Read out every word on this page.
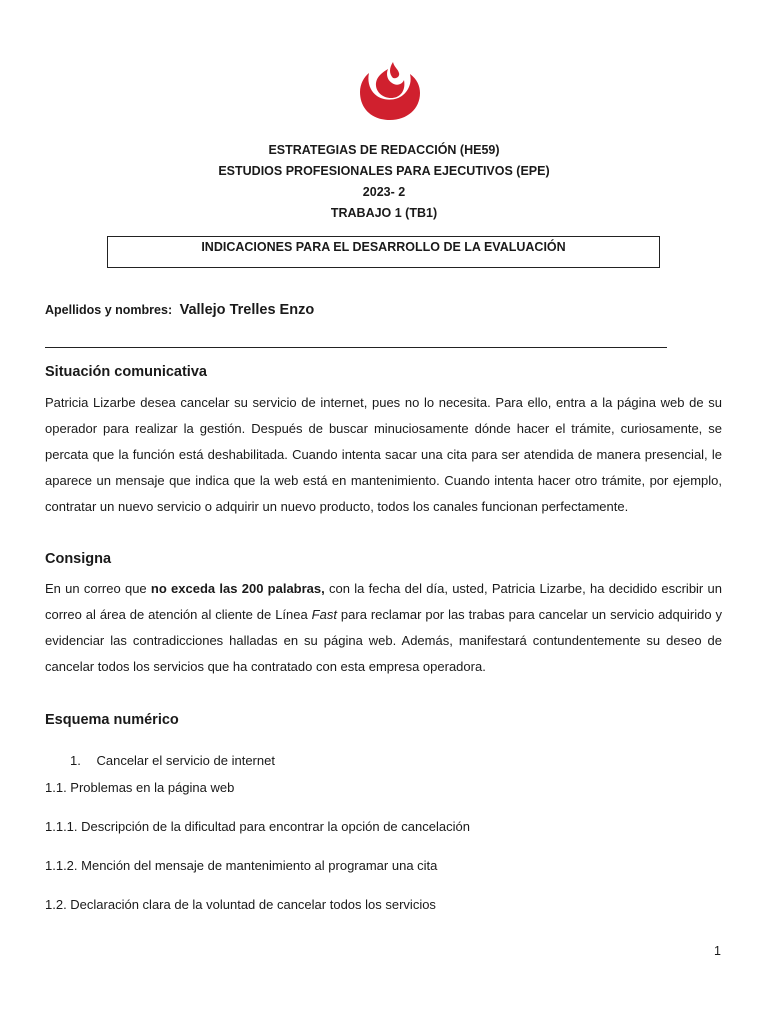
ESTRATEGIAS DE REDACCIÓN (HE59)
ESTUDIOS PROFESIONALES PARA EJECUTIVOS (EPE)
2023- 2
TRABAJO 1 (TB1)
INDICACIONES PARA EL DESARROLLO DE LA EVALUACIÓN
Apellidos y nombres: Vallejo Trelles Enzo
Situación comunicativa
Patricia Lizarbe desea cancelar su servicio de internet, pues no lo necesita. Para ello, entra a la página web de su operador para realizar la gestión. Después de buscar minuciosamente dónde hacer el trámite, curiosamente, se percata que la función está deshabilitada. Cuando intenta sacar una cita para ser atendida de manera presencial, le aparece un mensaje que indica que la web está en mantenimiento. Cuando intenta hacer otro trámite, por ejemplo, contratar un nuevo servicio o adquirir un nuevo producto, todos los canales funcionan perfectamente.
Consigna
En un correo que no exceda las 200 palabras, con la fecha del día, usted, Patricia Lizarbe, ha decidido escribir un correo al área de atención al cliente de Línea Fast para reclamar por las trabas para cancelar un servicio adquirido y evidenciar las contradicciones halladas en su página web. Además, manifestará contundentemente su deseo de cancelar todos los servicios que ha contratado con esta empresa operadora.
Esquema numérico
1. Cancelar el servicio de internet
1.1. Problemas en la página web
1.1.1. Descripción de la dificultad para encontrar la opción de cancelación
1.1.2. Mención del mensaje de mantenimiento al programar una cita
1.2. Declaración clara de la voluntad de cancelar todos los servicios
1
